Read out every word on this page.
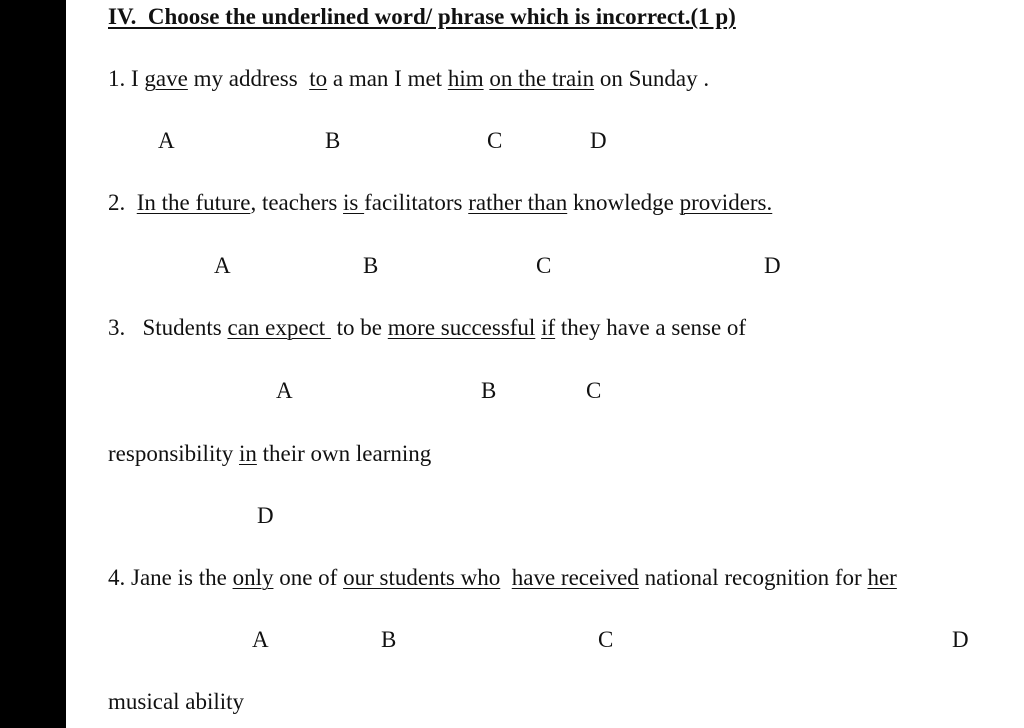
IV.  Choose the underlined word/ phrase which is incorrect.(1 p)
1. I gave my address  to a man I met him on the train on Sunday .
A	B	C	D
2.  In the future, teachers is facilitators rather than knowledge providers.
A	B	C	D
3.   Students can expect  to be more successful if they have a sense of
A	B	C
responsibility in their own learning
D
4. Jane is the only one of our students who have received national recognition for her
A	B	C	D
musical ability
